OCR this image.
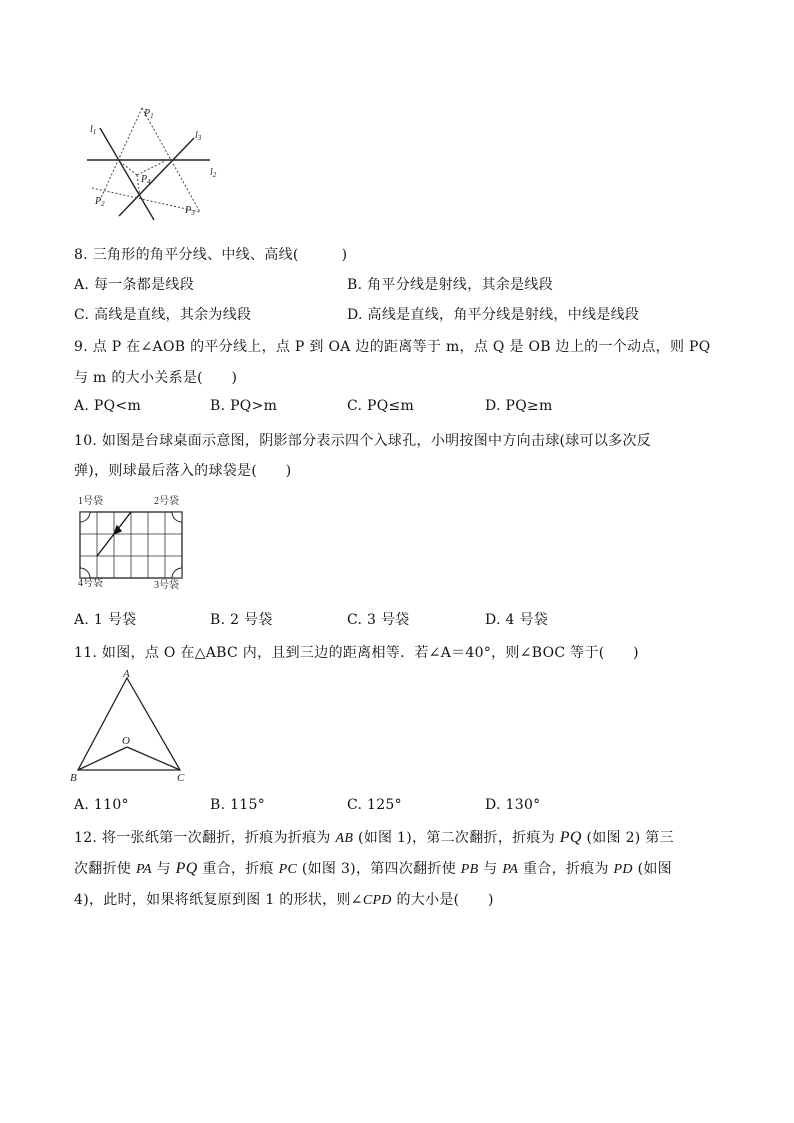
$l_1$
$l_2$
$l_3$
$P_1$
$P_2$
$P_3$
$P_4$
8. 三角形的角平分线、中线、高线(　　　)
A. 每一条都是线段	B. 角平分线是射线，其余是线段
C. 高线是直线，其余为线段	D. 高线是直线，角平分线是射线，中线是线段
9. 点 P 在∠AOB 的平分线上，点 P 到 OA 边的距离等于 m，点 Q 是 OB 边上的一个动点，则 PQ
与 m 的大小关系是(　　)
A. PQ<m	B. PQ>m	C. PQ≤m	D. PQ≥m
10. 如图是台球桌面示意图，阴影部分表示四个入球孔，小明按图中方向击球(球可以多次反
弹)，则球最后落入的球袋是(　　)
1号袋	2号袋
4号袋	3号袋
A. 1 号袋	B. 2 号袋	C. 3 号袋	D. 4 号袋
11. 如图，点 O 在△ABC 内，且到三边的距离相等．若∠A＝40°，则∠BOC 等于(　　)
A
B	C
O
A. 110°	B. 115°	C. 125°	D. 130°
12. 将一张纸第一次翻折，折痕为折痕为 AB (如图 1)，第二次翻折，折痕为 PQ (如图 2) 第三
次翻折使 PA 与 PQ 重合，折痕 PC (如图 3)，第四次翻折使 PB 与 PA 重合，折痕为 PD (如图
4)，此时，如果将纸复原到图 1 的形状，则∠CPD 的大小是(　　)
